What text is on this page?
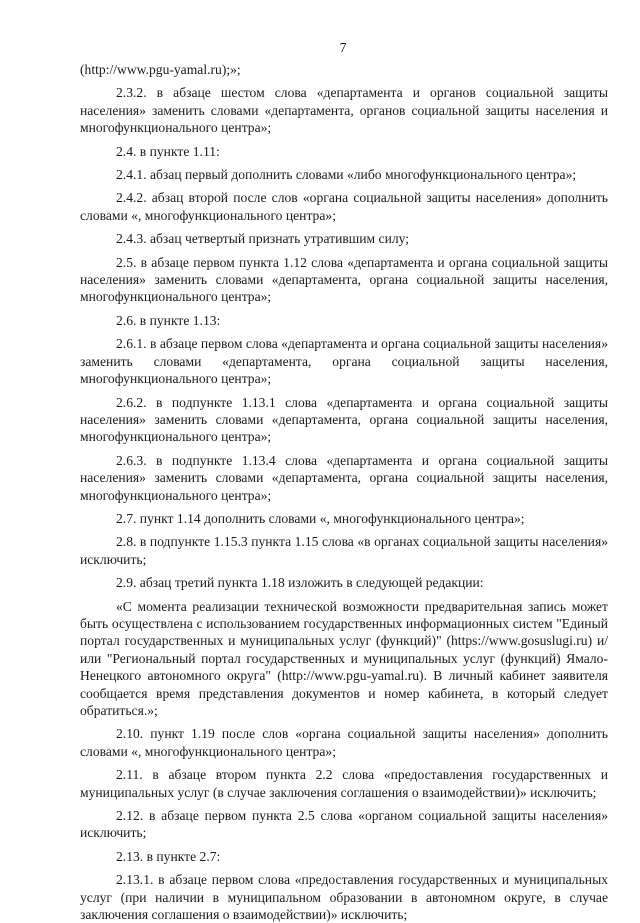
7

(http://www.pgu-yamal.ru);»;

2.3.2. в абзаце шестом слова «департамента и органов социальной защиты населения» заменить словами «департамента, органов социальной защиты населения и многофункционального центра»;

2.4. в пункте 1.11:

2.4.1. абзац первый дополнить словами «либо многофункционального центра»;

2.4.2. абзац второй после слов «органа социальной защиты населения» дополнить словами «, многофункционального центра»;

2.4.3. абзац четвертый признать утратившим силу;

2.5. в абзаце первом пункта 1.12 слова «департамента и органа социальной защиты населения» заменить словами «департамента, органа социальной защиты населения, многофункционального центра»;

2.6. в пункте 1.13:

2.6.1. в абзаце первом слова «департамента и органа социальной защиты населения» заменить словами «департамента, органа социальной защиты населения, многофункционального центра»;

2.6.2. в подпункте 1.13.1 слова «департамента и органа социальной защиты населения» заменить словами «департамента, органа социальной защиты населения, многофункционального центра»;

2.6.3. в подпункте 1.13.4 слова «департамента и органа социальной защиты населения» заменить словами «департамента, органа социальной защиты населения, многофункционального центра»;

2.7. пункт 1.14 дополнить словами «, многофункционального центра»;

2.8. в подпункте 1.15.3 пункта 1.15 слова «в органах социальной защиты населения» исключить;

2.9. абзац третий пункта 1.18 изложить в следующей редакции:

«С момента реализации технической возможности предварительная запись может быть осуществлена с использованием государственных информационных систем "Единый портал государственных и муниципальных услуг (функций)" (https://www.gosuslugi.ru) и/или "Региональный портал государственных и муниципальных услуг (функций) Ямало-Ненецкого автономного округа" (http://www.pgu-yamal.ru). В личный кабинет заявителя сообщается время представления документов и номер кабинета, в который следует обратиться.»;

2.10. пункт 1.19 после слов «органа социальной защиты населения» дополнить словами «, многофункционального центра»;

2.11. в абзаце втором пункта 2.2 слова «предоставления государственных и муниципальных услуг (в случае заключения соглашения о взаимодействии)» исключить;

2.12. в абзаце первом пункта 2.5 слова «органом социальной защиты населения» исключить;

2.13. в пункте 2.7:

2.13.1. в абзаце первом слова «предоставления государственных и муниципальных услуг (при наличии в муниципальном образовании в автономном округе, в случае заключения соглашения о взаимодействии)» исключить;
